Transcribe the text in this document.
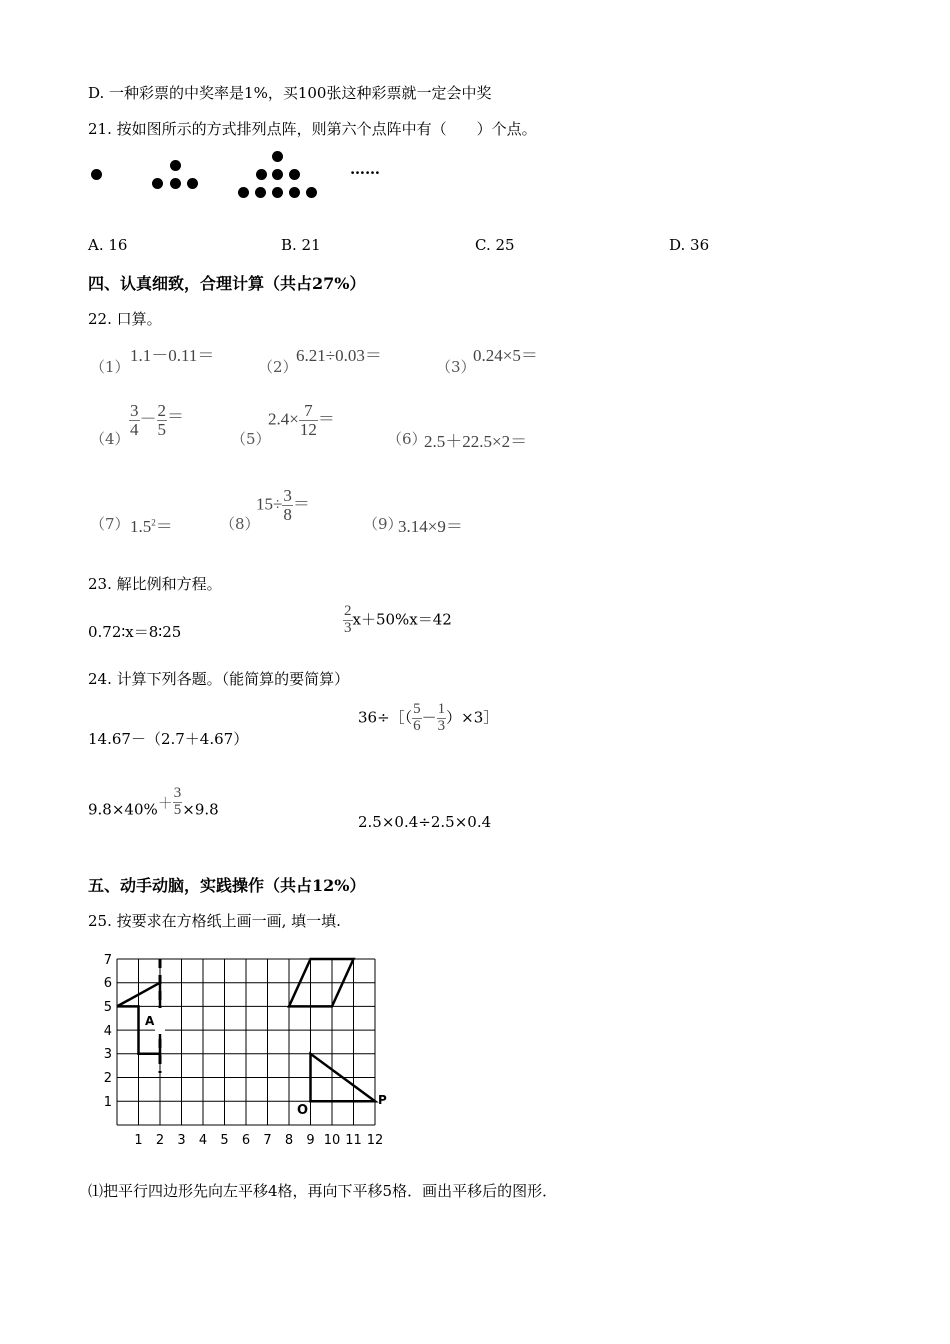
D. 一种彩票的中奖率是1%，买100张这种彩票就一定会中奖
21. 按如图所示的方式排列点阵，则第六个点阵中有（　　）个点。
……
A. 16	B. 21	C. 25	D. 36
四、认真细致，合理计算（共占27%）
22. 口算。
（1）
1.1－0.11＝
（2）
6.21÷0.03＝
（3）
0.24×5＝
（4）
$\frac{3}{4} - \frac{2}{5}$ ＝
（5）
$2.4\times \frac{7}{12}$ ＝
（6）
2.5＋22.5×2＝
（7） $1.5^2=$	（8）
$15\div \frac{3}{8}$ ＝
（9）
3.14×9＝
23. 解比例和方程。
0.72∶x＝8∶25	$\frac{2}{3} x+50\%x=42$
24. 计算下列各题。（能简算的要简算）
14.67－（2.7＋4.67）
36÷［（ $\frac{5}{6} - \frac{1}{3}$ ）×3］
$9.8\times 40\%+ \frac{3}{5} \times 9.8$
2.5×0.4÷2.5×0.4
五、动手动脑，实践操作（共占12%）
25. 按要求在方格纸上画一画, 填一填.
1
2
3
4
5
6
7
1 2 3 4 5 6 7 8 9 10 11 12
A
O
P
⑴把平行四边形先向左平移4格，再向下平移5格．画出平移后的图形．
